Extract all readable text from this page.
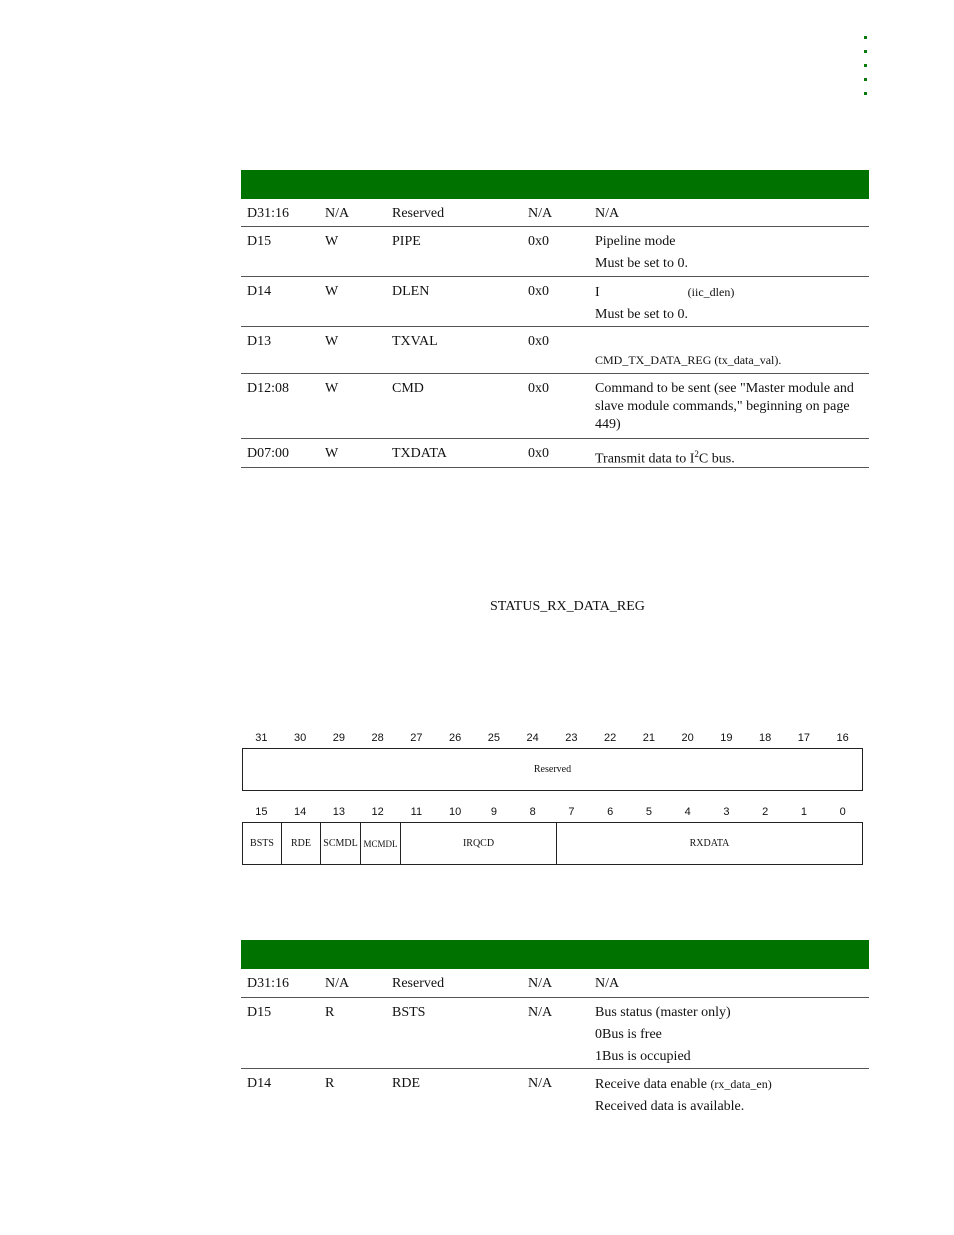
D31:16	N/A	Reserved	N/A	N/A
D15	W	PIPE	0x0	Pipeline mode
Must be set to 0.
D14	W	DLEN	0x0	I	(iic_dlen)
Must be set to 0.
D13	W	TXVAL	0x0
CMD_TX_DATA_REG (tx_data_val).
D12:08	W	CMD	0x0	Command to be sent (see "Master module and slave module commands," beginning on page 449)
D07:00	W	TXDATA	0x0	Transmit data to $I^2C$ bus.
STATUS_RX_DATA_REG
31	30	29	28	27	26	25	24	23	22	21	20	19	18	17	16
Reserved
15	14	13	12	11	10	9	8	7	6	5	4	3	2	1	0
BSTS	RDE	SCMDL MCMDL	IRQCD	RXDATA
D31:16	N/A	Reserved	N/A	N/A
D15	R	BSTS	N/A	Bus status (master only)
0Bus is free
1Bus is occupied
D14	R	RDE	N/A	Receive data enable (rx_data_en)
Received data is available.
